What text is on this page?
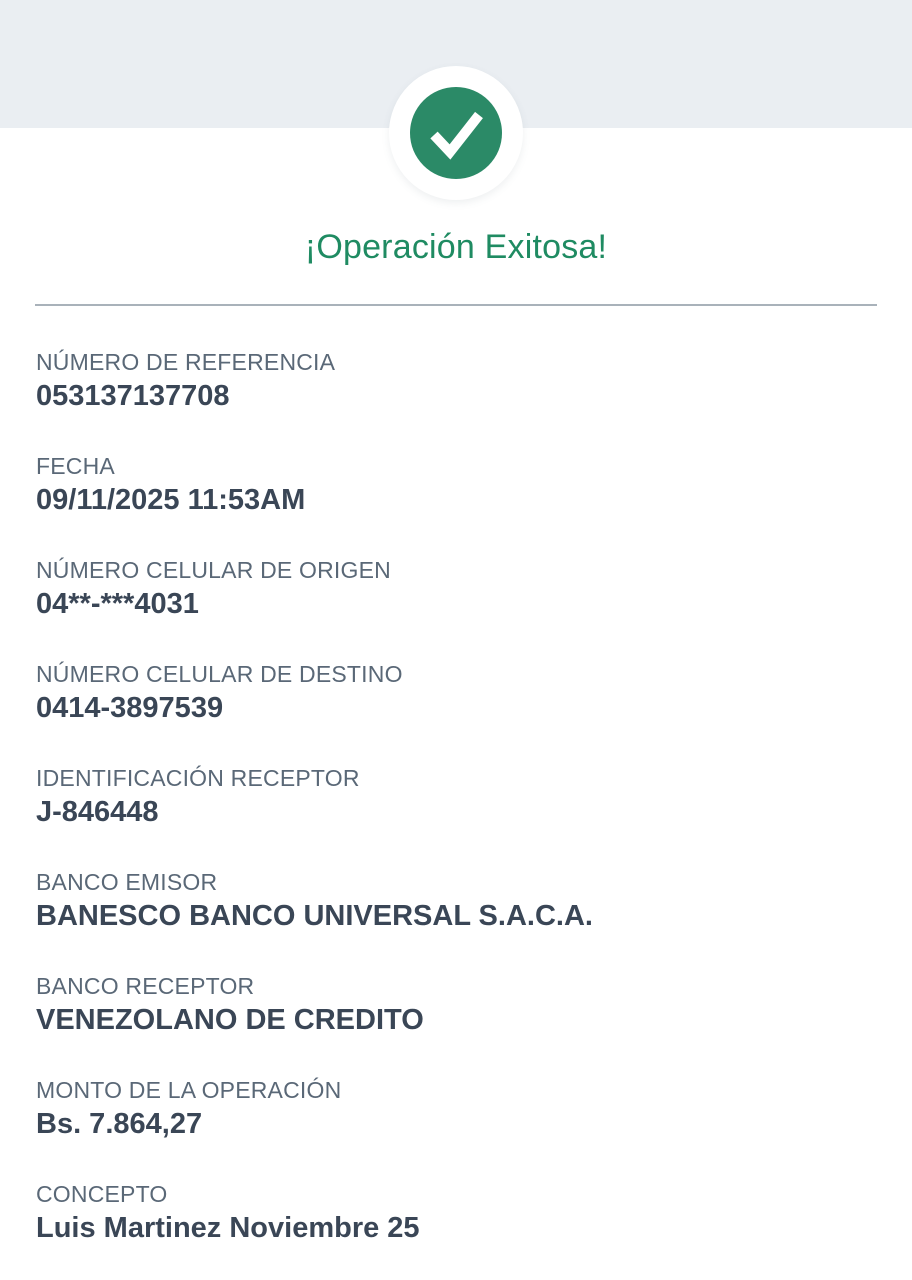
¡Operación Exitosa!
NÚMERO DE REFERENCIA
053137137708
FECHA
09/11/2025 11:53AM
NÚMERO CELULAR DE ORIGEN
04**-***4031
NÚMERO CELULAR DE DESTINO
0414-3897539
IDENTIFICACIÓN RECEPTOR
J-846448
BANCO EMISOR
BANESCO BANCO UNIVERSAL S.A.C.A.
BANCO RECEPTOR
VENEZOLANO DE CREDITO
MONTO DE LA OPERACIÓN
Bs. 7.864,27
CONCEPTO
Luis Martinez Noviembre 25
